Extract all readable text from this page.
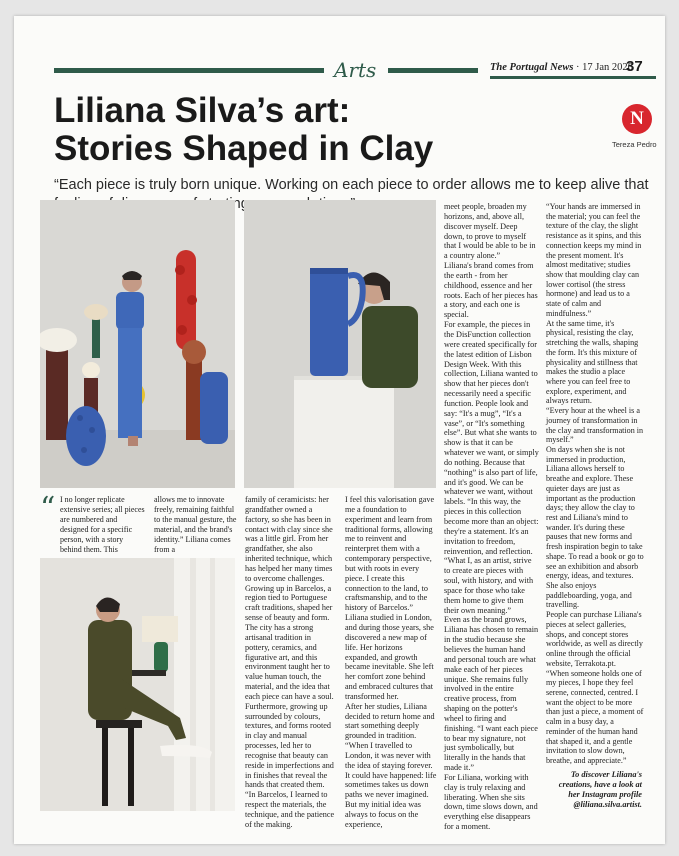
Arts	The Portugal News · 17 Jan 2026
37
Liliana Silva’s art:
Stories Shaped in Clay
N
Tereza Pedro
“Each piece is truly born unique. Working on each piece to order allows me to keep alive that
“ I no longer replicate extensive series; all pieces are numbered and designed for a specific person, with a story behind them. This
allows me to innovate freely, remaining faithful to the manual gesture, the material, and the brand's identity.” Liliana comes from a

family of ceramicists: her grandfather owned a factory, so she has been in contact with clay since she was a little girl. From her grandfather, she also inherited technique, which has helped her many times to overcome challenges. Growing up in Barcelos, a region tied to Portuguese craft traditions, shaped her sense of beauty and form. The city has a strong artisanal tradition in pottery, ceramics, and figurative art, and this environment taught her to value human touch, the material, and the idea that each piece can have a soul. Furthermore, growing up surrounded by colours, textures, and forms rooted in clay and manual processes, led her to recognise that beauty can reside in imperfections and in finishes that reveal the hands that created them.

“In Barcelos, I learned to respect the materials, the technique, and the patience of the making.

I feel this valorisation gave me a foundation to experiment and learn from traditional forms, allowing me to reinvent and reinterpret them with a contemporary perspective, but with roots in every piece. I create this connection to the land, to craftsmanship, and to the history of Barcelos.”

Liliana studied in London, and during those years, she discovered a new map of life. Her horizons expanded, and growth became inevitable. She left her comfort zone behind and embraced cultures that transformed her.

After her studies, Liliana decided to return home and start something deeply grounded in tradition. “When I travelled to London, it was never with the idea of staying forever. It could have happened: life sometimes takes us down paths we never imagined. But my initial idea was always to focus on the experience,

meet people, broaden my horizons, and, above all, discover myself. Deep down, to prove to myself that I would be able to be in a country alone.”

Liliana's brand comes from the earth - from her childhood, essence and her roots. Each of her pieces has a story, and each one is special.

For example, the pieces in the DisFunction collection were created specifically for the latest edition of Lisbon Design Week. With this collection, Liliana wanted to show that her pieces don't necessarily need a specific function. People look and say: “It's a mug”, “It's a vase”, or “It's something else”. But what she wants to show is that it can be whatever we want, or simply do nothing. Because that “nothing” is also part of life, and it's good. We can be whatever we want, without labels. “In this way, the pieces in this collection become more than an object: they're a statement. It's an invitation to freedom, reinvention, and reflection.

“What I, as an artist, strive to create are pieces with soul, with history, and with space for those who take them home to give them their own meaning.”

Even as the brand grows, Liliana has chosen to remain in the studio because she believes the human hand and personal touch are what make each of her pieces unique. She remains fully involved in the entire creative process, from shaping on the potter's wheel to firing and finishing. “I want each piece to bear my signature, not just symbolically, but literally in the hands that made it.”

For Liliana, working with clay is truly relaxing and liberating. When she sits down, time slows down, and everything else disappears for a moment.

“Your hands are immersed in the material; you can feel the texture of the clay, the slight resistance as it spins, and this connection keeps my mind in the present moment. It's almost meditative; studies show that moulding clay can lower cortisol (the stress hormone) and lead us to a state of calm and mindfulness.”

At the same time, it's physical, resisting the clay, stretching the walls, shaping the form. It's this mixture of physicality and stillness that makes the studio a place where you can feel free to explore, experiment, and always return.

“Every hour at the wheel is a journey of transformation in the clay and transformation in myself.”

On days when she is not immersed in production, Liliana allows herself to breathe and explore. These quieter days are just as important as the production days; they allow the clay to rest and Liliana's mind to wander. It's during these pauses that new forms and fresh inspiration begin to take shape. To read a book or go to see an exhibition and absorb energy, ideas, and textures. She also enjoys paddleboarding, yoga, and travelling.

People can purchase Liliana's pieces at select galleries, shops, and concept stores worldwide, as well as directly online through the official website, Terrakota.pt.

“When someone holds one of my pieces, I hope they feel serene, connected, centred. I want the object to be more than just a piece, a moment of calm in a busy day, a reminder of the human hand that shaped it, and a gentle invitation to slow down, breathe, and appreciate.”

To discover Liliana's creations, have a look at her Instagram profile @liliana.silva.artist.
